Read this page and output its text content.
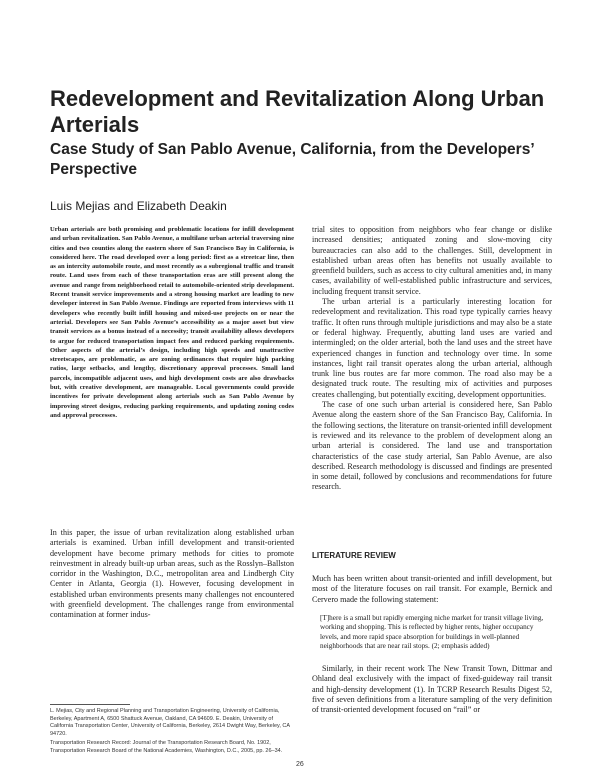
Redevelopment and Revitalization Along Urban Arterials
Case Study of San Pablo Avenue, California, from the Developers’ Perspective
Luis Mejias and Elizabeth Deakin
Urban arterials are both promising and problematic locations for infill development and urban revitalization. San Pablo Avenue, a multilane urban arterial traversing nine cities and two counties along the eastern shore of San Francisco Bay in California, is considered here. The road developed over a long period: first as a streetcar line, then as an intercity automobile route, and most recently as a subregional traffic and transit route. Land uses from each of these transportation eras are still present along the avenue and range from neighborhood retail to automobile-oriented strip development. Recent transit service improvements and a strong housing market are leading to new developer interest in San Pablo Avenue. Findings are reported from interviews with 11 developers who recently built infill housing and mixed-use projects on or near the arterial. Developers see San Pablo Avenue’s accessibility as a major asset but view transit services as a bonus instead of a necessity; transit availability allows developers to argue for reduced transportation impact fees and reduced parking requirements. Other aspects of the arterial’s design, including high speeds and unattractive streetscapes, are problematic, as are zoning ordinances that require high parking ratios, large setbacks, and lengthy, discretionary approval processes. Small land parcels, incompatible adjacent uses, and high development costs are also drawbacks but, with creative development, are manageable. Local governments could provide incentives for private development along arterials such as San Pablo Avenue by improving street designs, reducing parking requirements, and updating zoning codes and approval processes.

In this paper, the issue of urban revitalization along established urban arterials is examined. Urban infill development and transit-oriented development have become primary methods for cities to promote reinvestment in already built-up urban areas, such as the Rosslyn–Ballston corridor in the Washington, D.C., metropolitan area and Lindbergh City Center in Atlanta, Georgia (1). However, focusing development in established urban environments presents many challenges not encountered with greenfield development. The challenges range from environmental contamination at former indus-

L. Mejias, City and Regional Planning and Transportation Engineering, University of California, Berkeley, Apartment A, 6500 Shattuck Avenue, Oakland, CA 94609. E. Deakin, University of California Transportation Center, University of California, Berkeley, 2614 Dwight Way, Berkeley, CA 94720.
Transportation Research Record: Journal of the Transportation Research Board, No. 1902, Transportation Research Board of the National Academies, Washington, D.C., 2005, pp. 26–34.

trial sites to opposition from neighbors who fear change or dislike increased densities; antiquated zoning and slow-moving city bureaucracies can also add to the challenges. Still, development in established urban areas often has benefits not usually available to greenfield builders, such as access to city cultural amenities and, in many cases, availability of well-established public infrastructure and services, including frequent transit service.

The urban arterial is a particularly interesting location for redevelopment and revitalization. This road type typically carries heavy traffic. It often runs through multiple jurisdictions and may also be a state or federal highway. Frequently, abutting land uses are varied and intermingled; on the older arterial, both the land uses and the street have experienced changes in function and technology over time. In some instances, light rail transit operates along the urban arterial, although trunk line bus routes are far more common. The road also may be a designated truck route. The resulting mix of activities and purposes creates challenging, but potentially exciting, development opportunities.

The case of one such urban arterial is considered here, San Pablo Avenue along the eastern shore of the San Francisco Bay, California. In the following sections, the literature on transit-oriented infill development is reviewed and its relevance to the problem of development along an urban arterial is considered. The land use and transportation characteristics of the case study arterial, San Pablo Avenue, are also described. Research methodology is discussed and findings are presented in some detail, followed by conclusions and recommendations for future research.

LITERATURE REVIEW

Much has been written about transit-oriented and infill development, but most of the literature focuses on rail transit. For example, Bernick and Cervero made the following statement:

[T]here is a small but rapidly emerging niche market for transit village living, working and shopping. This is reflected by higher rents, higher occupancy levels, and more rapid space absorption for buildings in well-planned neighborhoods that are near rail stops. (2; emphasis added)

Similarly, in their recent work The New Transit Town, Dittmar and Ohland deal exclusively with the impact of fixed-guideway rail transit and high-density development (1). In TCRP Research Results Digest 52, five of seven definitions from a literature sampling of the very definition of transit-oriented development focused on “rail” or

26
